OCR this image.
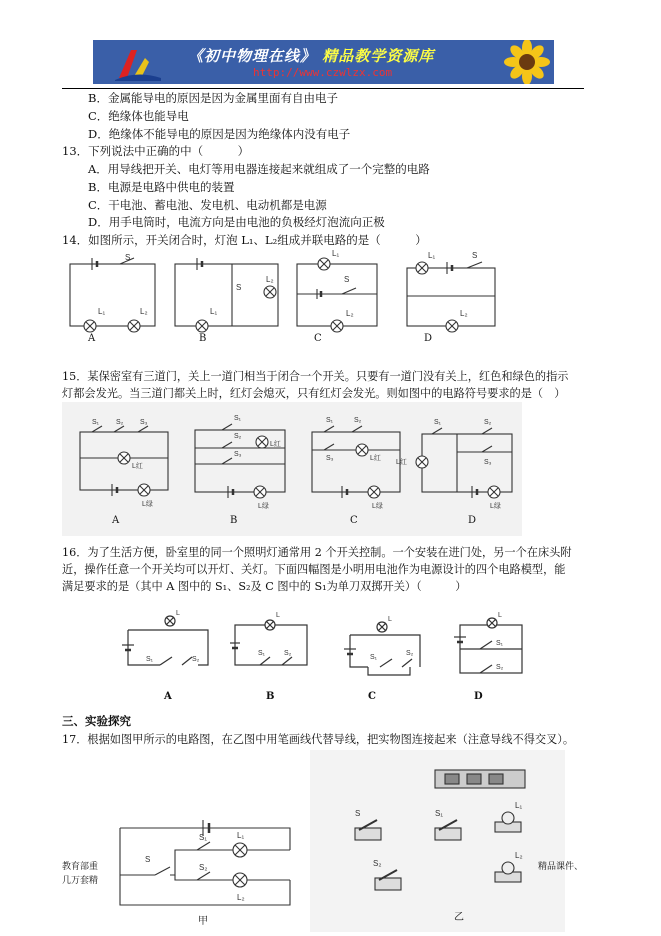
《初中物理在线》 精品教学资源库
http://www.czwlzx.com
B．金属能导电的原因是因为金属里面有自由电子
C．绝缘体也能导电
D．绝缘体不能导电的原因是因为绝缘体内没有电子
13．下列说法中正确的中（　　　）
A．用导线把开关、电灯等用电器连接起来就组成了一个完整的电路
B．电源是电路中供电的装置
C．干电池、蓄电池、发电机、电动机都是电源
D．用手电筒时，电流方向是由电池的负极经灯泡流向正极
14．如图所示，开关闭合时，灯泡 L₁、L₂组成并联电路的是（　　　）
S
L₁	L₂
S
L₁
L₂
L₁
S
L₂
L₁	S
L₂
A	B	C	D
15．某保密室有三道门，关上一道门相当于闭合一个开关。只要有一道门没有关上，红色和绿色的指示
灯都会发光。当三道门都关上时，红灯会熄灭，只有红灯会发光。则如图中的电路符号要求的是（　）
S₁ S₂ S₃
L红
L绿
S₁
S₂
S₃
L红
L绿
S₁	S₂
S₃	L红
L绿
S₁	S₂
S₃
L红
L绿
A	B	C	D
16．为了生活方便，卧室里的同一个照明灯通常用 2 个开关控制。一个安装在进门处，另一个在床头附
近，操作任意一个开关均可以开灯、关灯。下面四幅图是小明用电池作为电源设计的四个电路模型，能
满足要求的是（其中 A 图中的 S₁、S₂及 C 图中的 S₁为单刀双掷开关）（　　　）
L
S₁	S₂
L
S₁	S₂
L
S₁
S₂
L
S₁
S₂
A	B	C	D
三、实验探究
17．根据如图甲所示的电路图，在乙图中用笔画线代替导线，把实物图连接起来（注意导线不得交叉）。
S
S₁
S₂
L₁
L₂
S	S₁
L₁
S₂
L₂
甲	乙
教育部重
几万套精
精品课件、
